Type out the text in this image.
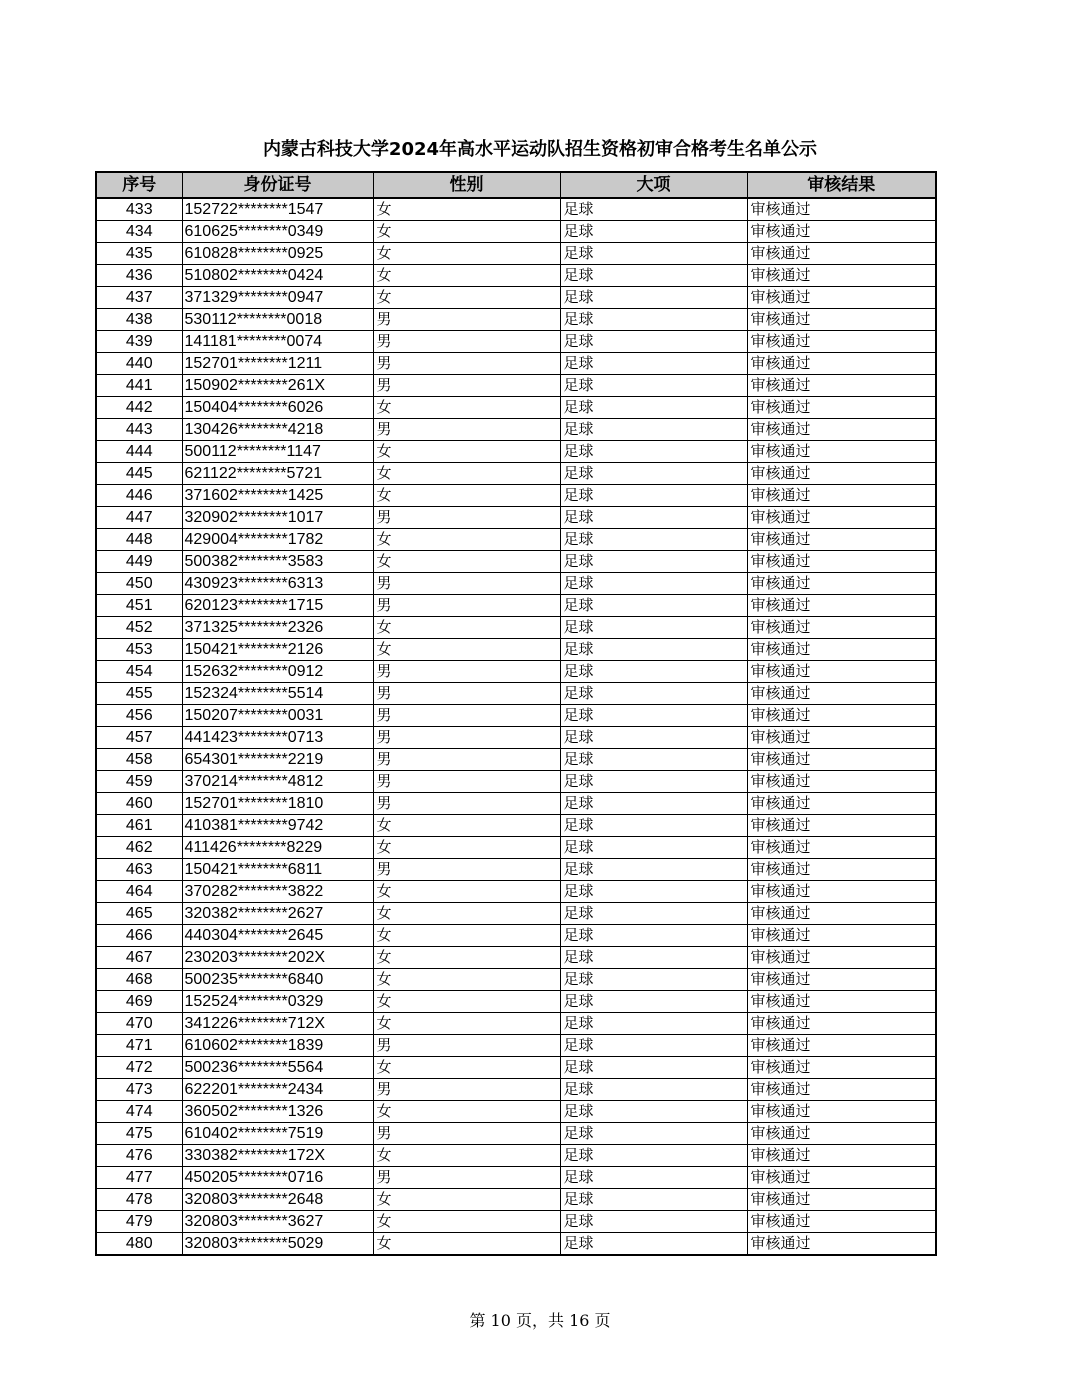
内蒙古科技大学2024年高水平运动队招生资格初审合格考生名单公示
序号	身份证号	性别	大项	审核结果
433	152722********1547	女	足球	审核通过
434	610625********0349	女	足球	审核通过
435	610828********0925	女	足球	审核通过
436	510802********0424	女	足球	审核通过
437	371329********0947	女	足球	审核通过
438	530112********0018	男	足球	审核通过
439	141181********0074	男	足球	审核通过
440	152701********1211	男	足球	审核通过
441	150902********261X	男	足球	审核通过
442	150404********6026	女	足球	审核通过
443	130426********4218	男	足球	审核通过
444	500112********1147	女	足球	审核通过
445	621122********5721	女	足球	审核通过
446	371602********1425	女	足球	审核通过
447	320902********1017	男	足球	审核通过
448	429004********1782	女	足球	审核通过
449	500382********3583	女	足球	审核通过
450	430923********6313	男	足球	审核通过
451	620123********1715	男	足球	审核通过
452	371325********2326	女	足球	审核通过
453	150421********2126	女	足球	审核通过
454	152632********0912	男	足球	审核通过
455	152324********5514	男	足球	审核通过
456	150207********0031	男	足球	审核通过
457	441423********0713	男	足球	审核通过
458	654301********2219	男	足球	审核通过
459	370214********4812	男	足球	审核通过
460	152701********1810	男	足球	审核通过
461	410381********9742	女	足球	审核通过
462	411426********8229	女	足球	审核通过
463	150421********6811	男	足球	审核通过
464	370282********3822	女	足球	审核通过
465	320382********2627	女	足球	审核通过
466	440304********2645	女	足球	审核通过
467	230203********202X	女	足球	审核通过
468	500235********6840	女	足球	审核通过
469	152524********0329	女	足球	审核通过
470	341226********712X	女	足球	审核通过
471	610602********1839	男	足球	审核通过
472	500236********5564	女	足球	审核通过
473	622201********2434	男	足球	审核通过
474	360502********1326	女	足球	审核通过
475	610402********7519	男	足球	审核通过
476	330382********172X	女	足球	审核通过
477	450205********0716	男	足球	审核通过
478	320803********2648	女	足球	审核通过
479	320803********3627	女	足球	审核通过
480	320803********5029	女	足球	审核通过
第 10 页，共 16 页
